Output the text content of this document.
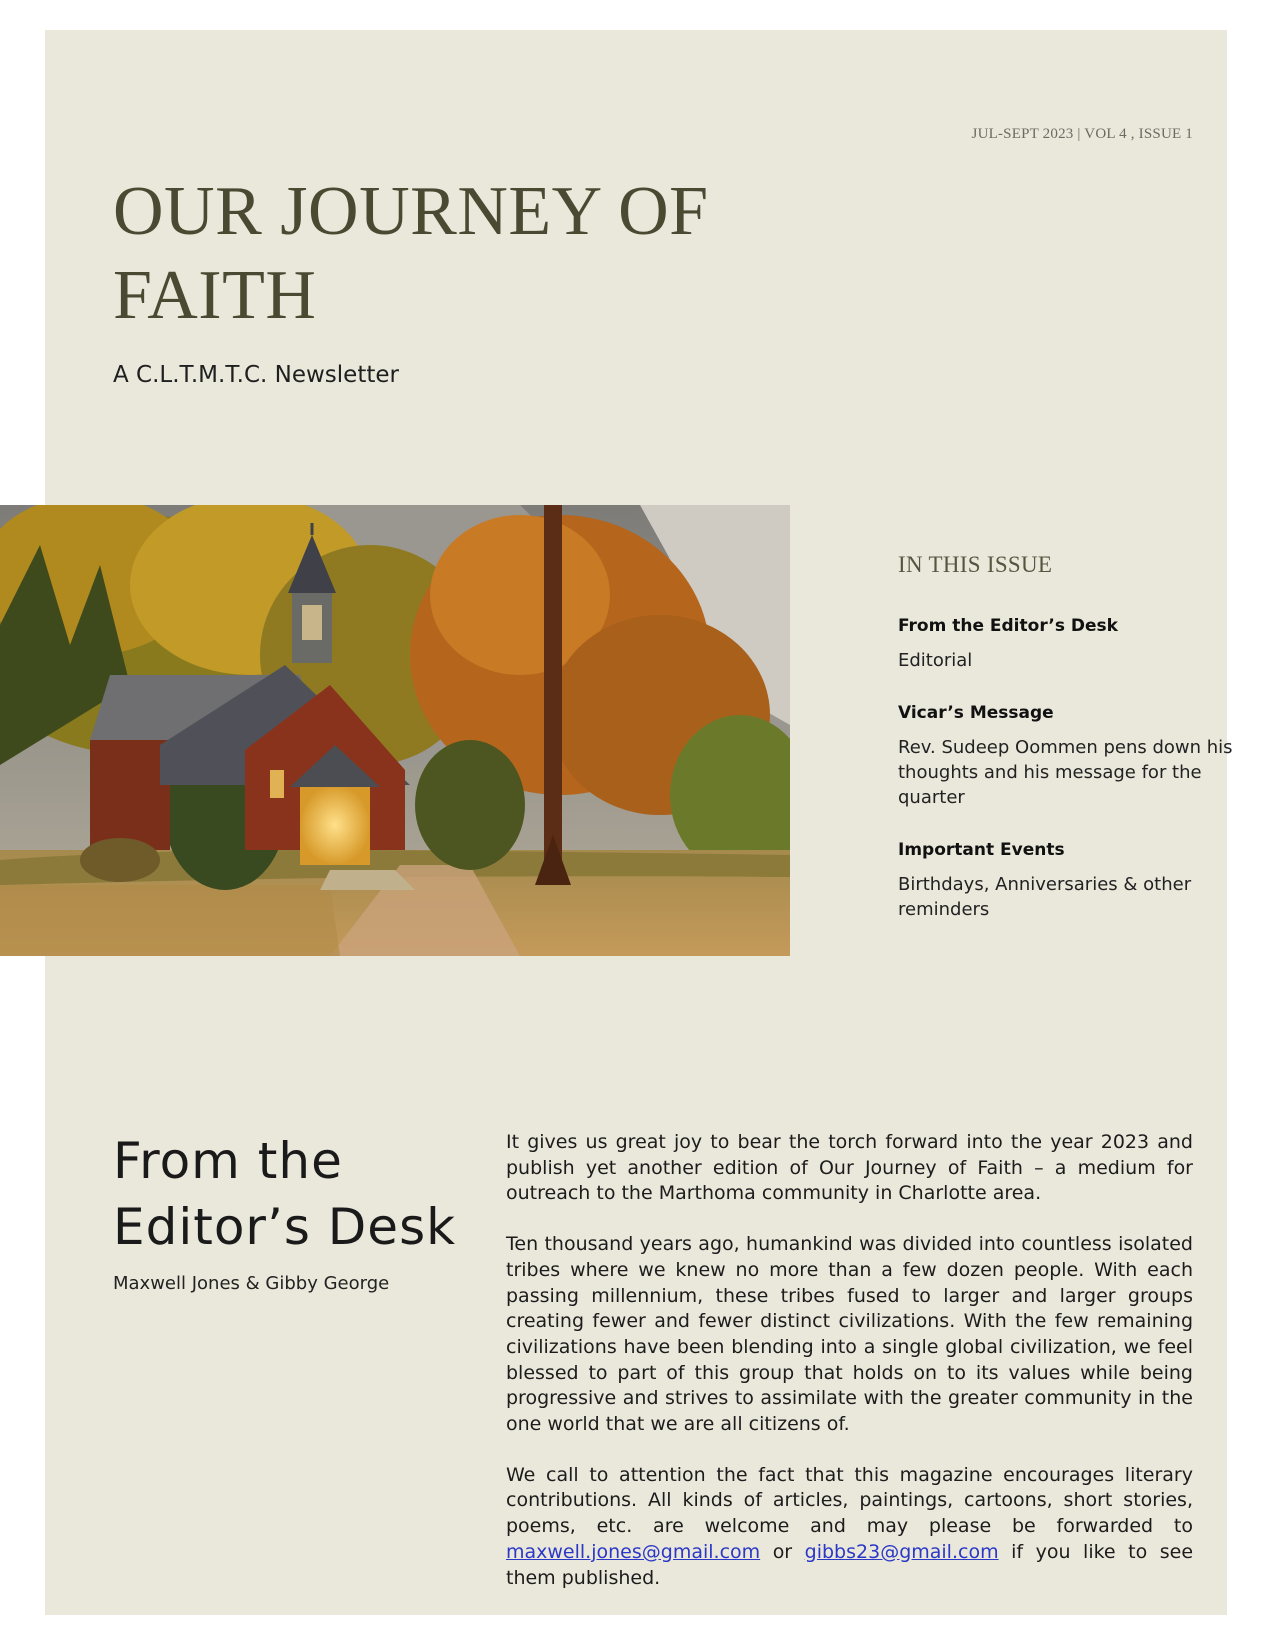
JUL-SEPT 2023 | VOL 4 , ISSUE 1
OUR JOURNEY OF FAITH
A C.L.T.M.T.C. Newsletter
IN THIS ISSUE
From the Editor’s Desk
Editorial
Vicar’s Message
Rev. Sudeep Oommen pens down his thoughts and his message for the quarter
Important Events
Birthdays, Anniversaries & other reminders
From the Editor’s Desk
Maxwell Jones & Gibby George

It gives us great joy to bear the torch forward into the year 2023 and publish yet another edition of Our Journey of Faith – a medium for outreach to the Marthoma community in Charlotte area.

Ten thousand years ago, humankind was divided into countless isolated tribes where we knew no more than a few dozen people. With each passing millennium, these tribes fused to larger and larger groups creating fewer and fewer distinct civilizations. With the few remaining civilizations have been blending into a single global civilization, we feel blessed to part of this group that holds on to its values while being progressive and strives to assimilate with the greater community in the one world that we are all citizens of.

We call to attention the fact that this magazine encourages literary contributions. All kinds of articles, paintings, cartoons, short stories, poems, etc. are welcome and may please be forwarded to maxwell.jones@gmail.com or gibbs23@gmail.com if you like to see them published.
